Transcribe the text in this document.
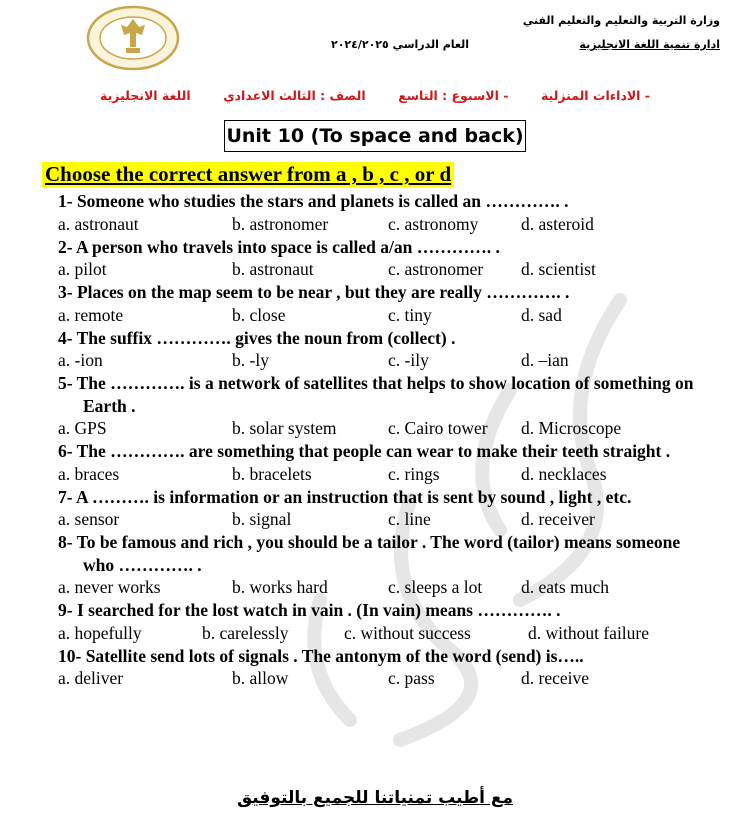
وزارة التربية والتعليم والتعليم الفني
ادارة تنمية اللغة الانجليزية
العام الدراسي ٢٠٢٤/٢٠٢٥
اللغة الانجليزية	الصف : الثالث الاعدادي	- الاسبوع : التاسع	- الاداءات المنزلية
Unit 10 (To space and back)
Choose the correct answer from a , b , c , or d
1- Someone who studies the stars and planets is called an …………. .
a. astronaut	b. astronomer	c. astronomy d. asteroid
2- A person who travels into space is called a/an …………. .
a. pilot	b. astronaut	c. astronomer d. scientist
3- Places on the map seem to be near , but they are really …………. .
a. remote	b. close	c. tiny	d. sad
4- The suffix …………. gives the noun from (collect) .
a. -ion	b. -ly	c. -ily	d. –ian
5- The …………. is a network of satellites that helps to show location of something on Earth .
a. GPS	b. solar system	c. Cairo tower d. Microscope
6- The …………. are something that people can wear to make their teeth straight .
a. braces	b. bracelets	c. rings	d. necklaces
7- A ………. is information or an instruction that is sent by sound , light , etc.
a. sensor	b. signal	c. line	d. receiver
8- To be famous and rich , you should be a tailor . The word (tailor) means someone who …………. .
a. never works	b. works hard	c. sleeps a lot d. eats much
9- I searched for the lost watch in vain . (In vain) means …………. .
a. hopefully	b. carelessly	c. without success	d. without failure
10- Satellite send lots of signals . The antonym of the word (send) is…..
a. deliver	b. allow	c. pass	d. receive
مع أطيب تمنياتنا للجميع بالتوفيق
